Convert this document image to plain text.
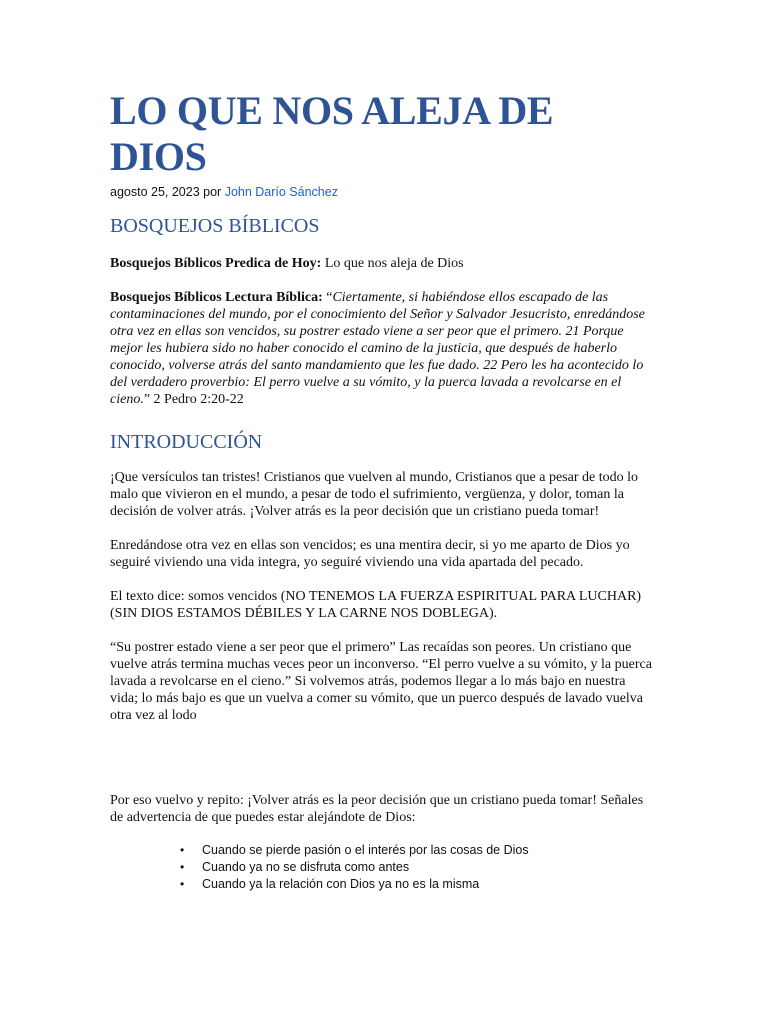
LO QUE NOS ALEJA DE DIOS
agosto 25, 2023 por John Darío Sánchez
BOSQUEJOS BÍBLICOS

Bosquejos Bíblicos Predica de Hoy: Lo que nos aleja de Dios

Bosquejos Bíblicos Lectura Bíblica: “Ciertamente, si habiéndose ellos escapado de las contaminaciones del mundo, por el conocimiento del Señor y Salvador Jesucristo, enredándose otra vez en ellas son vencidos, su postrer estado viene a ser peor que el primero. 21 Porque mejor les hubiera sido no haber conocido el camino de la justicia, que después de haberlo conocido, volverse atrás del santo mandamiento que les fue dado. 22 Pero les ha acontecido lo del verdadero proverbio: El perro vuelve a su vómito, y la puerca lavada a revolcarse en el cieno.” 2 Pedro 2:20-22

INTRODUCCIÓN

¡Que versículos tan tristes! Cristianos que vuelven al mundo, Cristianos que a pesar de todo lo malo que vivieron en el mundo, a pesar de todo el sufrimiento, vergüenza, y dolor, toman la decisión de volver atrás. ¡Volver atrás es la peor decisión que un cristiano pueda tomar!

Enredándose otra vez en ellas son vencidos; es una mentira decir, si yo me aparto de Dios yo seguiré viviendo una vida integra, yo seguiré viviendo una vida apartada del pecado.

El texto dice: somos vencidos (NO TENEMOS LA FUERZA ESPIRITUAL PARA LUCHAR) (SIN DIOS ESTAMOS DÉBILES Y LA CARNE NOS DOBLEGA).

“Su postrer estado viene a ser peor que el primero” Las recaídas son peores. Un cristiano que vuelve atrás termina muchas veces peor un inconverso. “El perro vuelve a su vómito, y la puerca lavada a revolcarse en el cieno.” Si volvemos atrás, podemos llegar a lo más bajo en nuestra vida; lo más bajo es que un vuelva a comer su vómito, que un puerco después de lavado vuelva otra vez al lodo

Por eso vuelvo y repito: ¡Volver atrás es la peor decisión que un cristiano pueda tomar! Señales de advertencia de que puedes estar alejándote de Dios:

• Cuando se pierde pasión o el interés por las cosas de Dios
• Cuando ya no se disfruta como antes
• Cuando ya la relación con Dios ya no es la misma
